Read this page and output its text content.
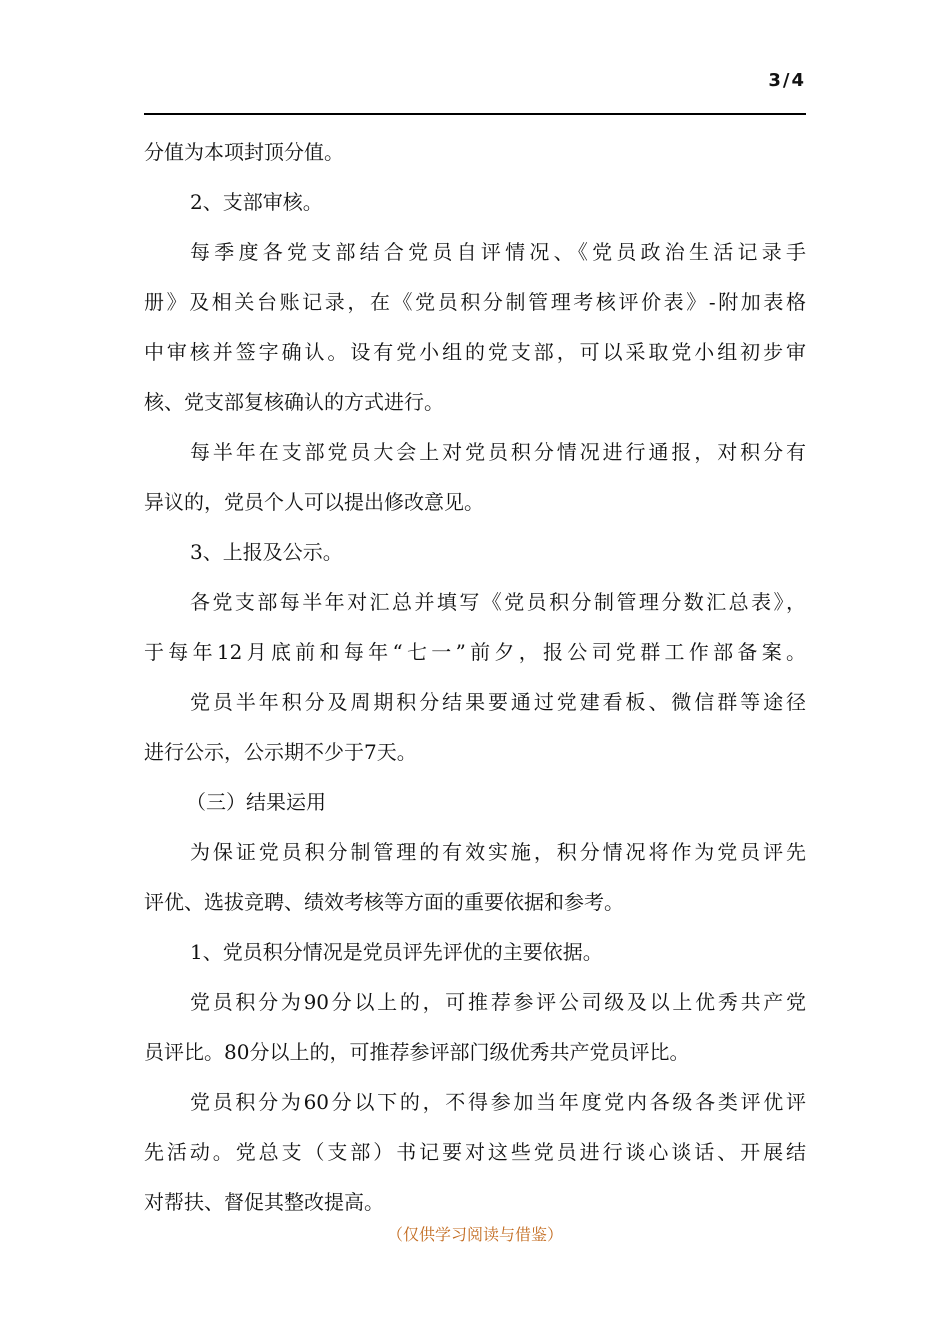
3/4
分值为本项封顶分值。
2、支部审核。
每季度各党支部结合党员自评情况、《党员政治生活记录手
册》及相关台账记录，在《党员积分制管理考核评价表》-附加表格
中审核并签字确认。设有党小组的党支部，可以采取党小组初步审
核、党支部复核确认的方式进行。
每半年在支部党员大会上对党员积分情况进行通报，对积分有
异议的，党员个人可以提出修改意见。
3、上报及公示。
各党支部每半年对汇总并填写《党员积分制管理分数汇总表》，
于每年12月底前和每年“七一”前夕，报公司党群工作部备案。
党员半年积分及周期积分结果要通过党建看板、微信群等途径
进行公示，公示期不少于7天。
（三）结果运用
为保证党员积分制管理的有效实施，积分情况将作为党员评先
评优、选拔竞聘、绩效考核等方面的重要依据和参考。
1、党员积分情况是党员评先评优的主要依据。
党员积分为90分以上的，可推荐参评公司级及以上优秀共产党
员评比。80分以上的，可推荐参评部门级优秀共产党员评比。
党员积分为60分以下的，不得参加当年度党内各级各类评优评
先活动。党总支（支部）书记要对这些党员进行谈心谈话、开展结
对帮扶、督促其整改提高。
（仅供学习阅读与借鉴）
